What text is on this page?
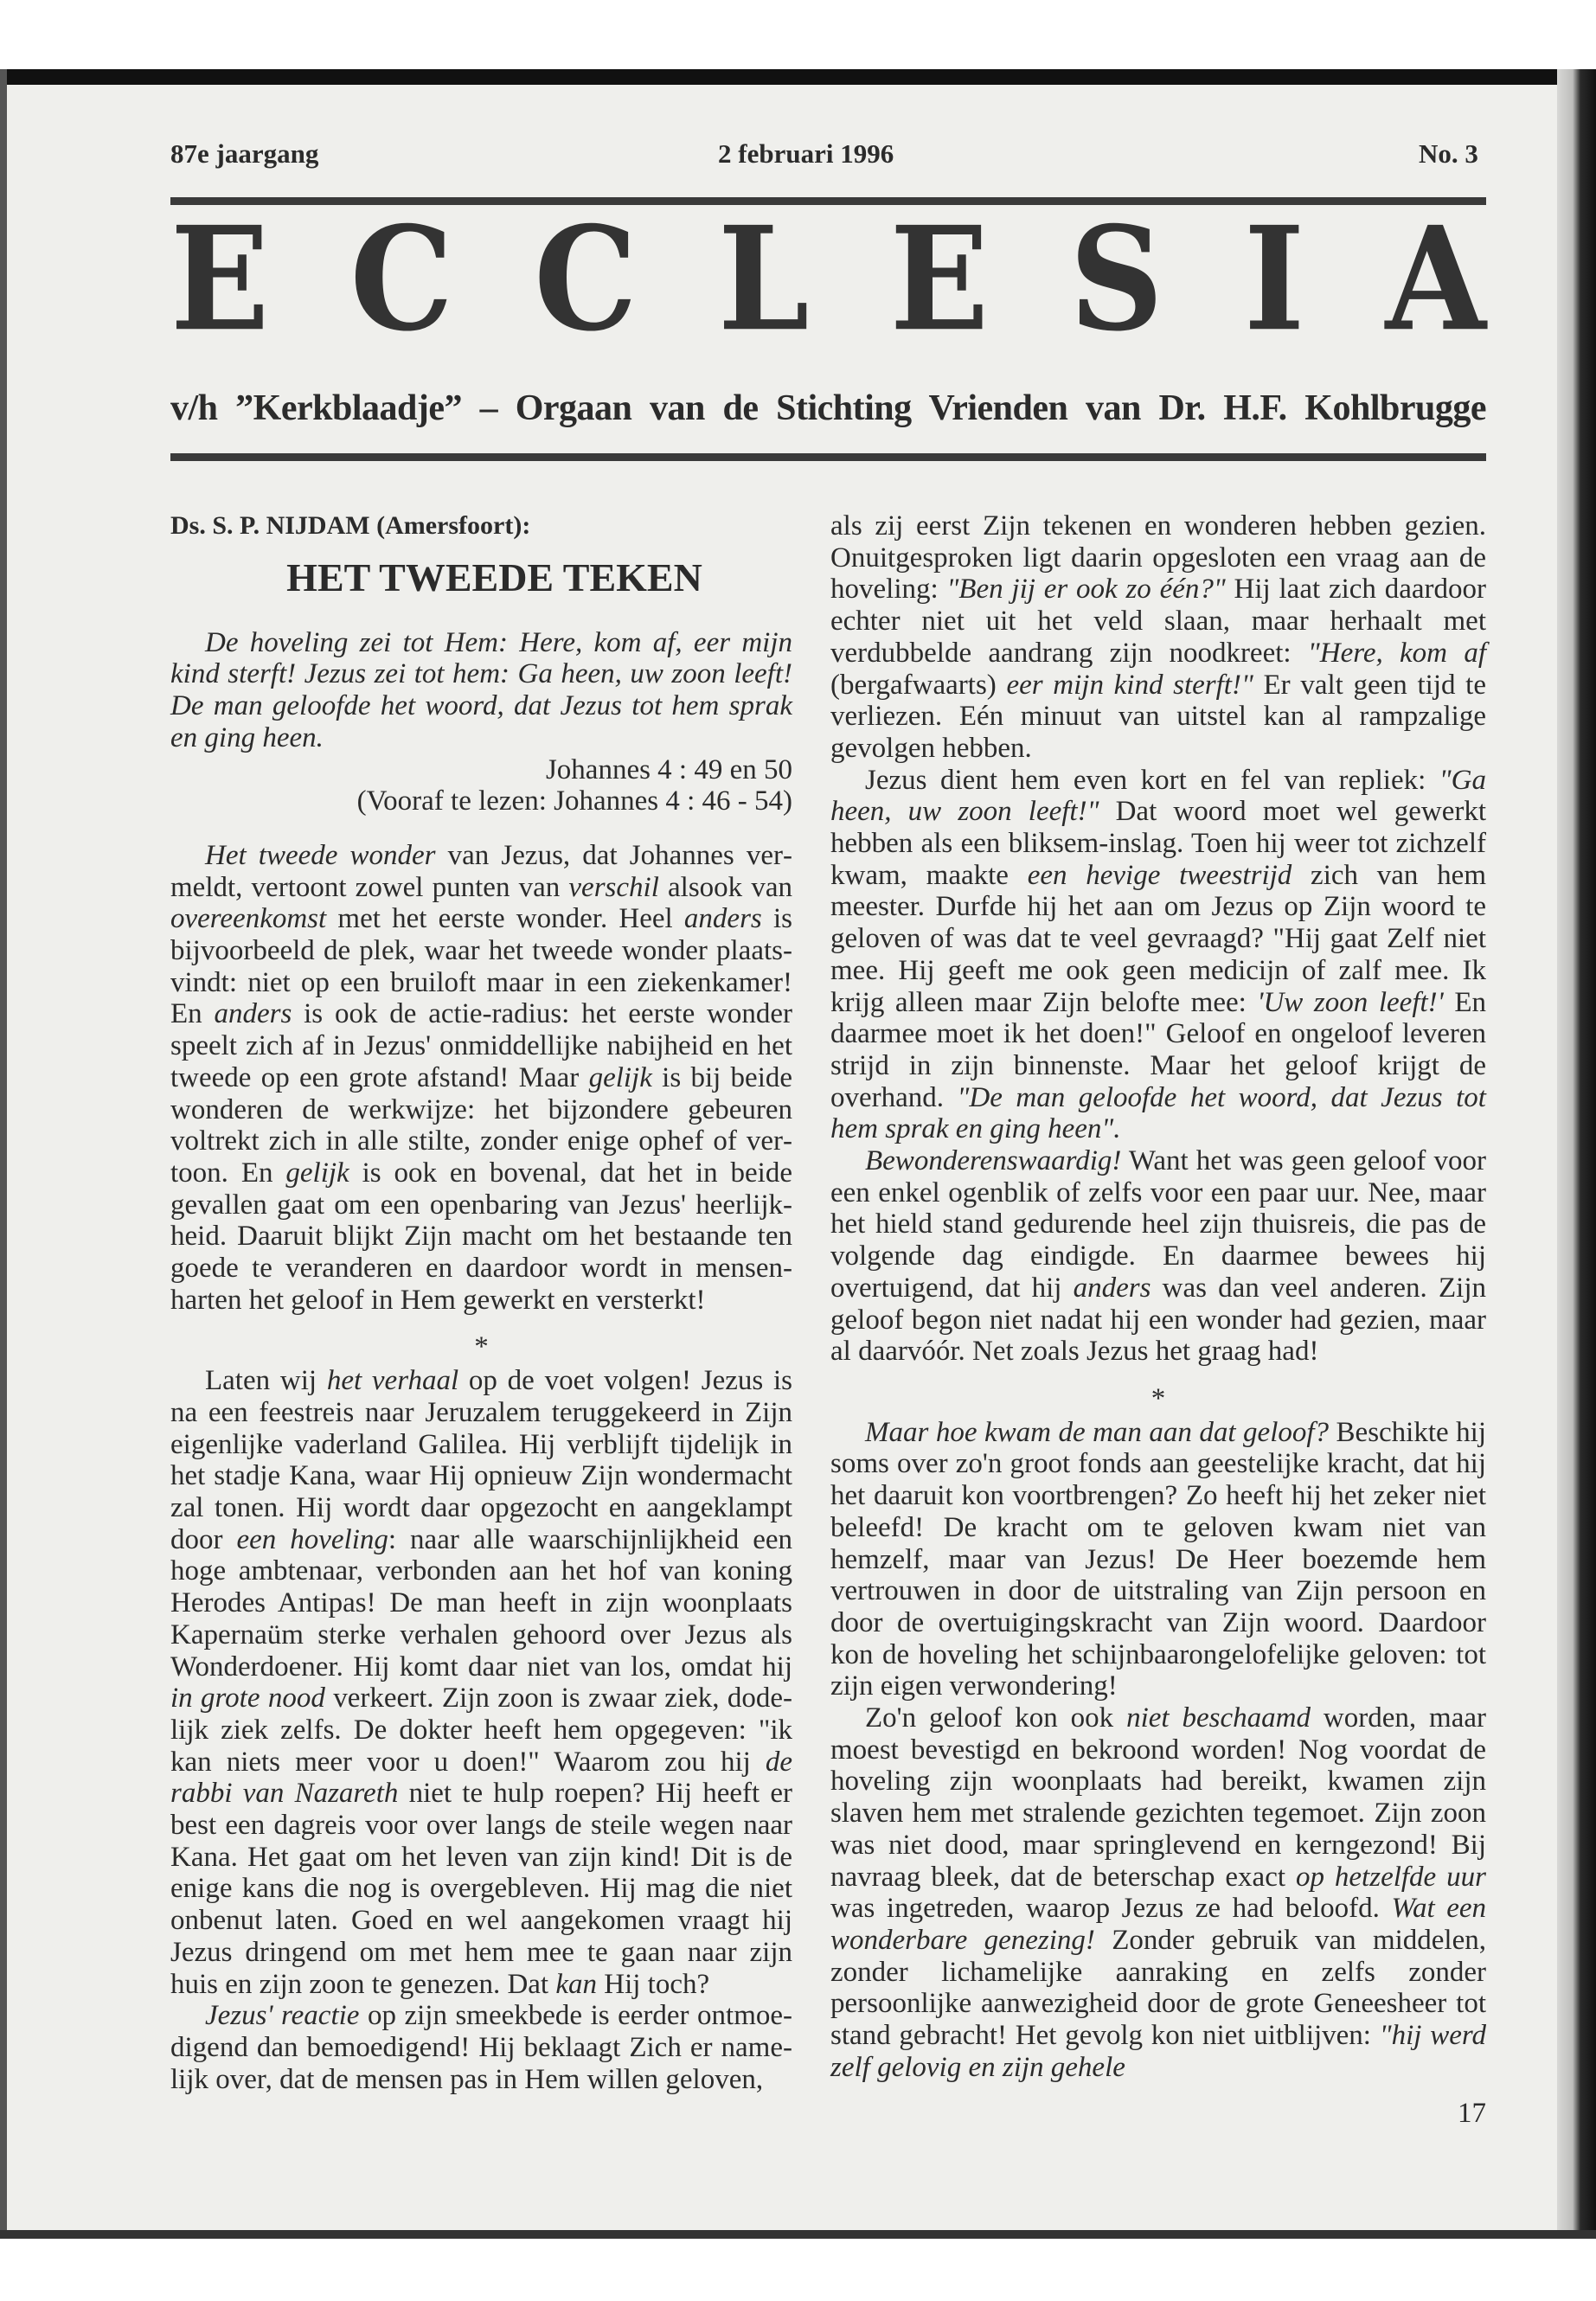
87e jaargang	2 februari 1996	No. 3
E C C L E S I A
v/h ”Kerkblaadje” – Orgaan van de Stichting Vrienden van Dr. H.F. Kohlbrugge
Ds. S. P. NIJDAM (Amersfoort):
HET TWEEDE TEKEN

De hoveling zei tot Hem: Here, kom af, eer mijn kind sterft! Jezus zei tot hem: Ga heen, uw zoon leeft! De man geloofde het woord, dat Jezus tot hem sprak en ging heen.

Johannes 4 : 49 en 50
(Vooraf te lezen: Johannes 4 : 46 - 54)

Het tweede wonder van Jezus, dat Johannes vermeldt, vertoont zowel punten van verschil alsook van overeenkomst met het eerste wonder. Heel anders is bijvoorbeeld de plek, waar het tweede wonder plaatsvindt: niet op een bruiloft maar in een ziekenkamer! En anders is ook de actie-radius: het eerste wonder speelt zich af in Jezus' onmiddellijke nabijheid en het tweede op een grote afstand! Maar gelijk is bij beide wonderen de werkwijze: het bijzondere gebeuren voltrekt zich in alle stilte, zonder enige ophef of vertoon. En gelijk is ook en bovenal, dat het in beide gevallen gaat om een openbaring van Jezus' heerlijkheid. Daaruit blijkt Zijn macht om het bestaande ten goede te veranderen en daardoor wordt in mensenharten het geloof in Hem gewerkt en versterkt!

*

Laten wij het verhaal op de voet volgen! Jezus is na een feestreis naar Jeruzalem teruggekeerd in Zijn eigenlijke vaderland Galilea. Hij verblijft tijdelijk in het stadje Kana, waar Hij opnieuw Zijn wondermacht zal tonen. Hij wordt daar opgezocht en aangeklampt door een hoveling: naar alle waarschijnlijkheid een hoge ambtenaar, verbonden aan het hof van koning Herodes Antipas! De man heeft in zijn woonplaats Kapernaüm sterke verhalen gehoord over Jezus als Wonderdoener. Hij komt daar niet van los, omdat hij in grote nood verkeert. Zijn zoon is zwaar ziek, dodelijk ziek zelfs. De dokter heeft hem opgegeven: "ik kan niets meer voor u doen!" Waarom zou hij de rabbi van Nazareth niet te hulp roepen? Hij heeft er best een dagreis voor over langs de steile wegen naar Kana. Het gaat om het leven van zijn kind! Dit is de enige kans die nog is overgebleven. Hij mag die niet onbenut laten. Goed en wel aangekomen vraagt hij Jezus dringend om met hem mee te gaan naar zijn huis en zijn zoon te genezen. Dat kan Hij toch?

Jezus' reactie op zijn smeekbede is eerder ontmoedigend dan bemoedigend! Hij beklaagt Zich er namelijk over, dat de mensen pas in Hem willen geloven,

als zij eerst Zijn tekenen en wonderen hebben gezien. Onuitgesproken ligt daarin opgesloten een vraag aan de hoveling: "Ben jij er ook zo één?" Hij laat zich daardoor echter niet uit het veld slaan, maar herhaalt met verdubbelde aandrang zijn noodkreet: "Here, kom af (bergafwaarts) eer mijn kind sterft!" Er valt geen tijd te verliezen. Eén minuut van uitstel kan al rampzalige gevolgen hebben.

Jezus dient hem even kort en fel van repliek: "Ga heen, uw zoon leeft!" Dat woord moet wel gewerkt hebben als een bliksem-inslag. Toen hij weer tot zichzelf kwam, maakte een hevige tweestrijd zich van hem meester. Durfde hij het aan om Jezus op Zijn woord te geloven of was dat te veel gevraagd? "Hij gaat Zelf niet mee. Hij geeft me ook geen medicijn of zalf mee. Ik krijg alleen maar Zijn belofte mee: 'Uw zoon leeft!' En daarmee moet ik het doen!" Geloof en ongeloof leveren strijd in zijn binnenste. Maar het geloof krijgt de overhand. "De man geloofde het woord, dat Jezus tot hem sprak en ging heen".

Bewonderenswaardig! Want het was geen geloof voor een enkel ogenblik of zelfs voor een paar uur. Nee, maar het hield stand gedurende heel zijn thuisreis, die pas de volgende dag eindigde. En daarmee bewees hij overtuigend, dat hij anders was dan veel anderen. Zijn geloof begon niet nadat hij een wonder had gezien, maar al daarvóór. Net zoals Jezus het graag had!

*

Maar hoe kwam de man aan dat geloof? Beschikte hij soms over zo'n groot fonds aan geestelijke kracht, dat hij het daaruit kon voortbrengen? Zo heeft hij het zeker niet beleefd! De kracht om te geloven kwam niet van hemzelf, maar van Jezus! De Heer boezemde hem vertrouwen in door de uitstraling van Zijn persoon en door de overtuigingskracht van Zijn woord. Daardoor kon de hoveling het schijnbaarongelofelijke geloven: tot zijn eigen verwondering!

Zo'n geloof kon ook niet beschaamd worden, maar moest bevestigd en bekroond worden! Nog voordat de hoveling zijn woonplaats had bereikt, kwamen zijn slaven hem met stralende gezichten tegemoet. Zijn zoon was niet dood, maar springlevend en kerngezond! Bij navraag bleek, dat de beterschap exact op hetzelfde uur was ingetreden, waarop Jezus ze had beloofd. Wat een wonderbare genezing! Zonder gebruik van middelen, zonder lichamelijke aanraking en zelfs zonder persoonlijke aanwezigheid door de grote Geneesheer tot stand gebracht! Het gevolg kon niet uitblijven: "hij werd zelf gelovig en zijn gehele

17
